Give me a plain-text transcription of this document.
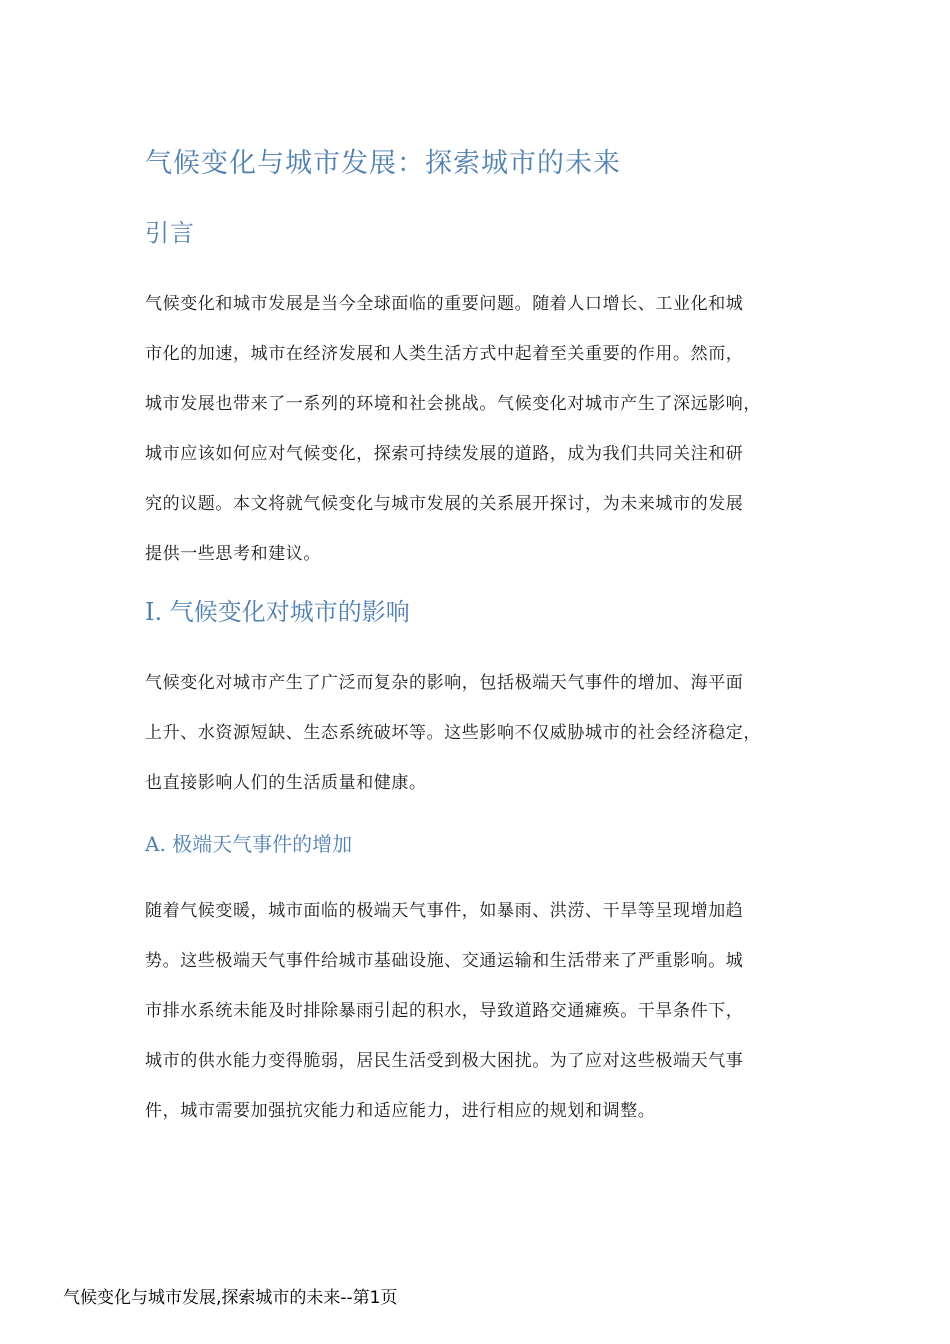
气候变化与城市发展：探索城市的未来
引言
气候变化和城市发展是当今全球面临的重要问题。随着人口增长、工业化和城
市化的加速，城市在经济发展和人类生活方式中起着至关重要的作用。然而，
城市发展也带来了一系列的环境和社会挑战。气候变化对城市产生了深远影响，
城市应该如何应对气候变化，探索可持续发展的道路，成为我们共同关注和研
究的议题。本文将就气候变化与城市发展的关系展开探讨，为未来城市的发展
提供一些思考和建议。
I. 气候变化对城市的影响
气候变化对城市产生了广泛而复杂的影响，包括极端天气事件的增加、海平面
上升、水资源短缺、生态系统破坏等。这些影响不仅威胁城市的社会经济稳定，
也直接影响人们的生活质量和健康。
A. 极端天气事件的增加
随着气候变暖，城市面临的极端天气事件，如暴雨、洪涝、干旱等呈现增加趋
势。这些极端天气事件给城市基础设施、交通运输和生活带来了严重影响。城
市排水系统未能及时排除暴雨引起的积水，导致道路交通瘫痪。干旱条件下，
城市的供水能力变得脆弱，居民生活受到极大困扰。为了应对这些极端天气事
件，城市需要加强抗灾能力和适应能力，进行相应的规划和调整。
气候变化与城市发展,探索城市的未来--第1页
